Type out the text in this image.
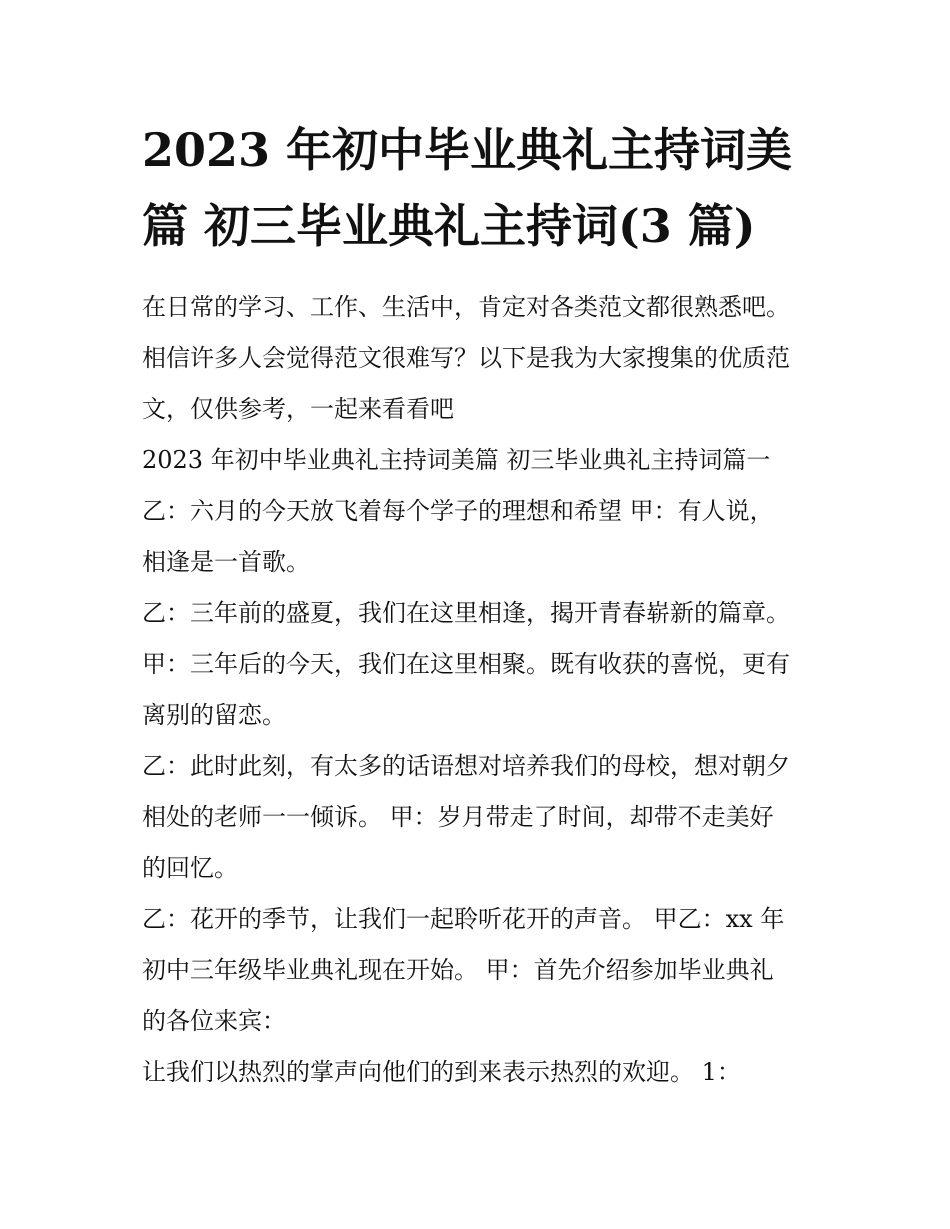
2023 年初中毕业典礼主持词美
篇 初三毕业典礼主持词(3 篇)

在日常的学习、工作、生活中，肯定对各类范文都很熟悉吧。
相信许多人会觉得范文很难写？以下是我为大家搜集的优质范
文，仅供参考，一起来看看吧

2023 年初中毕业典礼主持词美篇 初三毕业典礼主持词篇一

乙：六月的今天放飞着每个学子的理想和希望 甲：有人说，
相逢是一首歌。

乙：三年前的盛夏，我们在这里相逢，揭开青春崭新的篇章。

甲：三年后的今天，我们在这里相聚。既有收获的喜悦，更有
离别的留恋。

乙：此时此刻，有太多的话语想对培养我们的母校，想对朝夕
相处的老师一一倾诉。 甲：岁月带走了时间，却带不走美好
的回忆。

乙：花开的季节，让我们一起聆听花开的声音。 甲乙：xx 年
初中三年级毕业典礼现在开始。 甲：首先介绍参加毕业典礼
的各位来宾：

让我们以热烈的掌声向他们的到来表示热烈的欢迎。 1：
